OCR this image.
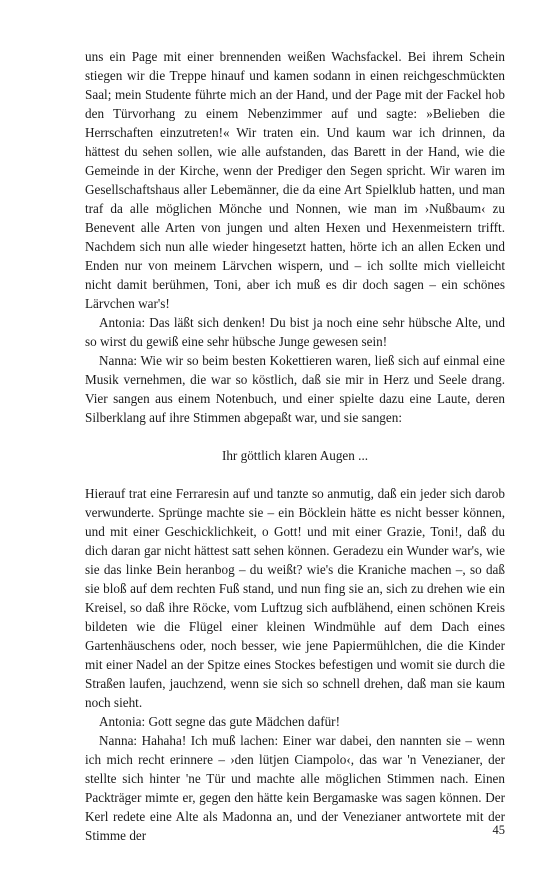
uns ein Page mit einer brennenden weißen Wachsfackel. Bei ihrem Schein stiegen wir die Treppe hinauf und kamen sodann in einen reichgeschmückten Saal; mein Studente führte mich an der Hand, und der Page mit der Fackel hob den Türvorhang zu einem Nebenzimmer auf und sagte: »Belieben die Herrschaften einzutreten!« Wir traten ein. Und kaum war ich drinnen, da hättest du sehen sollen, wie alle aufstanden, das Barett in der Hand, wie die Gemeinde in der Kirche, wenn der Prediger den Segen spricht. Wir waren im Gesellschaftshaus aller Lebemänner, die da eine Art Spielklub hatten, und man traf da alle möglichen Mönche und Nonnen, wie man im ›Nußbaum‹ zu Benevent alle Arten von jungen und alten Hexen und Hexenmeistern trifft. Nachdem sich nun alle wieder hingesetzt hatten, hörte ich an allen Ecken und Enden nur von meinem Lärvchen wispern, und – ich sollte mich vielleicht nicht damit berühmen, Toni, aber ich muß es dir doch sagen – ein schönes Lärvchen war's!

Antonia: Das läßt sich denken! Du bist ja noch eine sehr hübsche Alte, und so wirst du gewiß eine sehr hübsche Junge gewesen sein!

Nanna: Wie wir so beim besten Kokettieren waren, ließ sich auf einmal eine Musik vernehmen, die war so köstlich, daß sie mir in Herz und Seele drang. Vier sangen aus einem Notenbuch, und einer spielte dazu eine Laute, deren Silberklang auf ihre Stimmen abgepaßt war, und sie sangen:

Ihr göttlich klaren Augen ...

Hierauf trat eine Ferraresin auf und tanzte so anmutig, daß ein jeder sich darob verwunderte. Sprünge machte sie – ein Böcklein hätte es nicht besser können, und mit einer Geschicklichkeit, o Gott! und mit einer Grazie, Toni!, daß du dich daran gar nicht hättest satt sehen können. Geradezu ein Wunder war's, wie sie das linke Bein heranbog – du weißt? wie's die Kraniche machen –, so daß sie bloß auf dem rechten Fuß stand, und nun fing sie an, sich zu drehen wie ein Kreisel, so daß ihre Röcke, vom Luftzug sich aufblähend, einen schönen Kreis bildeten wie die Flügel einer kleinen Windmühle auf dem Dach eines Gartenhäuschens oder, noch besser, wie jene Papiermühlchen, die die Kinder mit einer Nadel an der Spitze eines Stockes befestigen und womit sie durch die Straßen laufen, jauchzend, wenn sie sich so schnell drehen, daß man sie kaum noch sieht.

Antonia: Gott segne das gute Mädchen dafür!

Nanna: Hahaha! Ich muß lachen: Einer war dabei, den nannten sie – wenn ich mich recht erinnere – ›den lütjen Ciampolo‹, das war 'n Venezianer, der stellte sich hinter 'ne Tür und machte alle möglichen Stimmen nach. Einen Packträger mimte er, gegen den hätte kein Bergamaske was sagen können. Der Kerl redete eine Alte als Madonna an, und der Venezianer antwortete mit der Stimme der	45
